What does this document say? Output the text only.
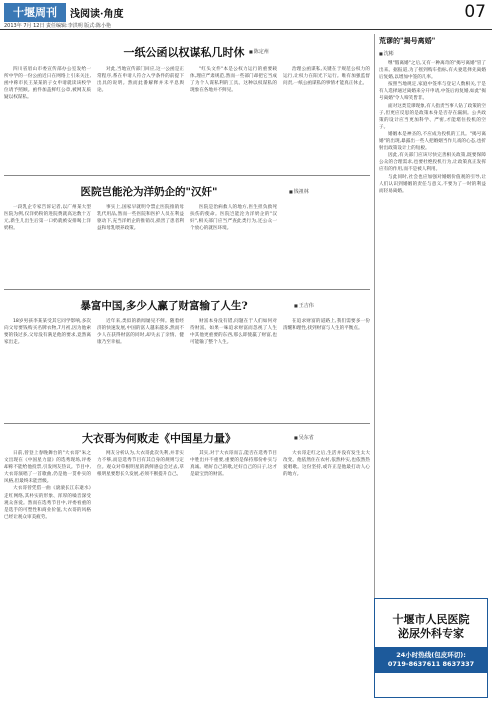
十堰周刊	浅阅读·角度
2013年 7月 12日 责任编辑:李洪明 版式:陈小艳
07
一纸公函以权谋私几时休	■ 陈定州

四川省眉山市委宣传部办公室发给一所中学的一份公函近日在网络上引来关注,函中称市民王某某的子女申请就读该校学位请予照顾。函件加盖鲜红公章,被网友质疑以权谋私。

对此,当地宣传部门回应,这一公函是正常程序,系在申请人符合入学条件的前提下出具的说明。然而此番解释并未平息舆论。

"红头文件"本是公权力运行的重要载体,理应严肃规范,然而一些部门却把它当成了为个人谋私利的工具。这种以权谋私的现象在各地并不鲜见。

治理公函谋私,关键在于规范公权力的运行,让权力在阳光下运行。唯有加强监督问责,一纸公函谋私的事情才能真正休止。

医院岂能沦为洋奶企的"汉奸"	■ 钱祖林

一段乳企专家告诉记者,以广州某大型医院为例,仅洋奶粉的进院费就高达数十万元,新生儿出生后第一口奶就被安排喝上洋奶粉。

事实上,国家早就明令禁止医院推销母乳代用品,然而一些医院和医护人员在利益驱动下,充当洋奶企的推销员,损害了患者利益和母乳喂养政策。

医院是治病救人的地方,医生担负救死扶伤的使命。医院岂能沦为洋奶企的"汉奸",相关部门应当严查此类行为,还公众一个放心的就医环境。

暴富中国,多少人赢了财富输了人生?	■ 王吉伟

18岁男孩李某某受其它同学影响,多次向父母要钱购买名牌衣物,7月初,因为他索要的钱过多,父母没有满足他的要求,竟然离家出走。

近年来,类似的新闻屡见不鲜。随着经济的快速发展,中国的富人越来越多,然而不少人在获得财富的同时,却失去了亲情、健康乃至幸福。

财富本身没有错,问题在于人们如何对待财富。如果一味追求财富而忽视了人生中其他更重要的东西,那么即使赢了财富,也可能输了整个人生。

在追求财富的道路上,我们需要多一份清醒和理性,找到财富与人生的平衡点。

大衣哥为何败走《中国星力量》	■ 吴东省

日前,曾登上春晚舞台的"大衣哥"朱之文出现在《中国星力量》的选秀现场,评委却称不能给他投票,引发网友热议。节目中,大衣哥演唱了一首歌曲,仍是他一贯朴实的风格,但最终未能晋级。

大衣哥曾凭借一曲《滚滚长江东逝水》走红网络,其朴实的形象、浑厚的嗓音深受观众喜爱。然而在选秀节目中,评委看重的是选手的可塑性和商业价值,大衣哥的风格已经让观众审美疲劳。

网友分析认为,大衣哥此次失利,并非实力不够,而是选秀节目有其自身的规则与定位。观众对草根明星的新鲜感总会过去,草根明星要想长久发展,必须不断提升自己。

其实,对于大衣哥而言,能否在选秀节目中胜出并不重要,重要的是保持那份朴实与真诚。唱好自己的歌,过好自己的日子,这才是最宝贵的财富。

大衣哥走红之后,生活并没有发生太大改变。他依然住在农村,依然朴实,也依然热爱唱歌。这份坚持,或许正是他最打动人心的地方。

荒谬的"揭号离婚"
■ 沈彬

继"假离婚"之后,又有一种离奇的"揭号离婚"冒了出来。据报道,为了摇到购车指标,有夫妻选择先离婚后复婚,以增加中签的几率。

按照当地规定,家庭中签率与登记人数相关,于是有人选择通过离婚来分开申请,中签后再复婚,如此"揭号离婚"令人啼笑皆非。

面对这类荒谬现象,有人指责当事人钻了政策的空子,但更应反思的是政策本身是否存在漏洞。公共政策的设计应当更加科学、严密,才能堵住投机的空子。

婚姻本是神圣的,不应成为投机的工具。"揭号离婚"的出现,暴露出一些人把婚姻当作儿戏的心态,也折射出政策设计上的短板。

因此,有关部门应该尽快完善相关政策,既要保障公众的合理需求,也要杜绝投机行为,让政策真正发挥应有的作用,而不是被人利用。

与此同时,社会也应加强对婚姻价值观的引导,让人们认识到婚姻的责任与意义,不要为了一时的利益而轻易离婚。

十堰市人民医院
泌尿外科专家
24小时热线(包皮环切):
0719-8637611 8637337
